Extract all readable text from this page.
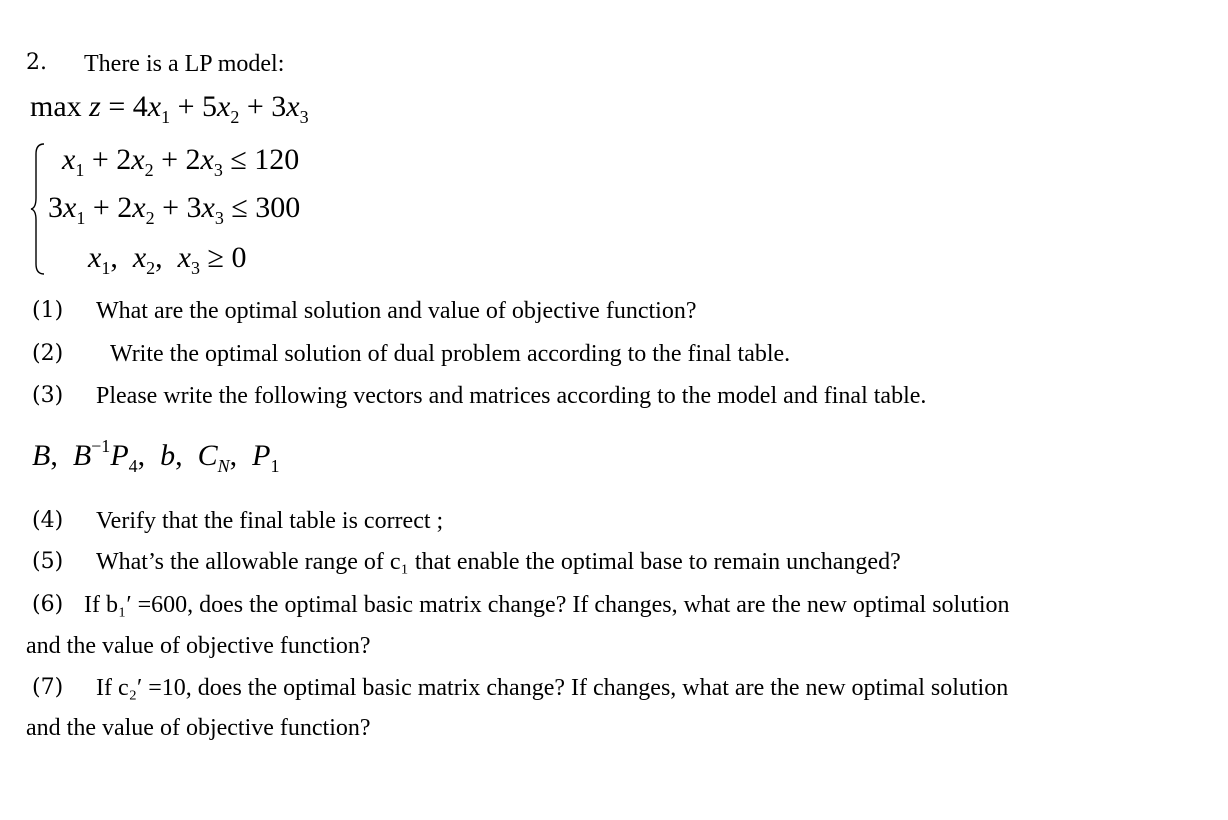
2. There is a LP model:
$\max z = 4x_1 + 5x_2 + 3x_3$
$x_1 + 2x_2 + 2x_3 \le 120$
$3x_1 + 2x_2 + 3x_3 \le 300$
$x_1$,  $x_2$,  $x_3 \ge 0$
(1) What are the optimal solution and value of objective function?
(2) Write the optimal solution of dual problem according to the final table.
(3) Please write the following vectors and matrices according to the model and final table.
B,  $B^{-1}P_4$,  b,  $C_N$,  $P_1$
(4) Verify that the final table is correct ;
(5) What’s the allowable range of c₁ that enable the optimal base to remain unchanged?
(6) If b₁′ =600, does the optimal basic matrix change? If changes, what are the new optimal solution
and the value of objective function?
(7) If c₂′ =10, does the optimal basic matrix change? If changes, what are the new optimal solution
and the value of objective function?
